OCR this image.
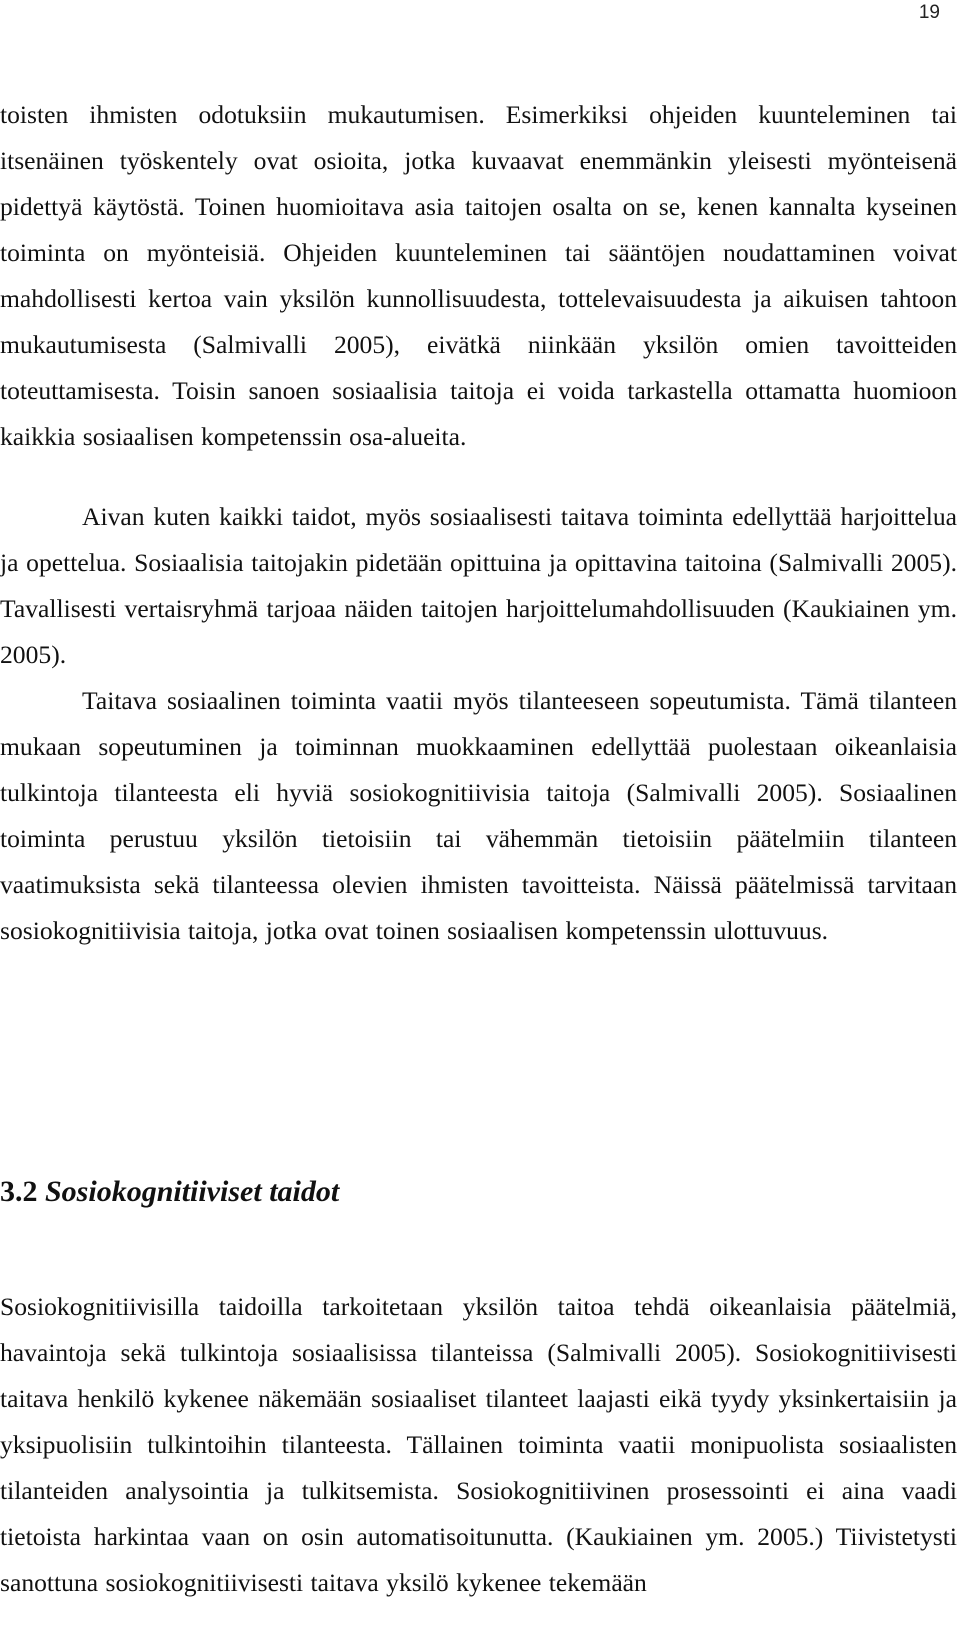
19

toisten ihmisten odotuksiin mukautumisen. Esimerkiksi ohjeiden kuunteleminen tai itsenäinen työskentely ovat osioita, jotka kuvaavat enemmänkin yleisesti myönteisenä pidettyä käytöstä. Toinen huomioitava asia taitojen osalta on se, kenen kannalta kyseinen toiminta on myönteisiä. Ohjeiden kuunteleminen tai sääntöjen noudattaminen voivat mahdollisesti kertoa vain yksilön kunnollisuudesta, tottelevaisuudesta ja aikuisen tahtoon mukautumisesta (Salmivalli 2005), eivätkä niinkään yksilön omien tavoitteiden toteuttamisesta. Toisin sanoen sosiaalisia taitoja ei voida tarkastella ottamatta huomioon kaikkia sosiaalisen kompetenssin osa-alueita.

Aivan kuten kaikki taidot, myös sosiaalisesti taitava toiminta edellyttää harjoittelua ja opettelua. Sosiaalisia taitojakin pidetään opittuina ja opittavina taitoina (Salmivalli 2005). Tavallisesti vertaisryhmä tarjoaa näiden taitojen harjoittelumahdollisuuden (Kaukiainen ym. 2005).

Taitava sosiaalinen toiminta vaatii myös tilanteeseen sopeutumista. Tämä tilanteen mukaan sopeutuminen ja toiminnan muokkaaminen edellyttää puolestaan oikeanlaisia tulkintoja tilanteesta eli hyviä sosiokognitiivisia taitoja (Salmivalli 2005). Sosiaalinen toiminta perustuu yksilön tietoisiin tai vähemmän tietoisiin päätelmiin tilanteen vaatimuksista sekä tilanteessa olevien ihmisten tavoitteista. Näissä päätelmissä tarvitaan sosiokognitiivisia taitoja, jotka ovat toinen sosiaalisen kompetenssin ulottuvuus.

3.2 Sosiokognitiiviset taidot

Sosiokognitiivisilla taidoilla tarkoitetaan yksilön taitoa tehdä oikeanlaisia päätelmiä, havaintoja sekä tulkintoja sosiaalisissa tilanteissa (Salmivalli 2005). Sosiokognitiivisesti taitava henkilö kykenee näkemään sosiaaliset tilanteet laajasti eikä tyydy yksinkertaisiin ja yksipuolisiin tulkintoihin tilanteesta. Tällainen toiminta vaatii monipuolista sosiaalisten tilanteiden analysointia ja tulkitsemista. Sosiokognitiivinen prosessointi ei aina vaadi tietoista harkintaa vaan on osin automatisoitunutta. (Kaukiainen ym. 2005.) Tiivistetysti sanottuna sosiokognitiivisesti taitava yksilö kykenee tekemään
